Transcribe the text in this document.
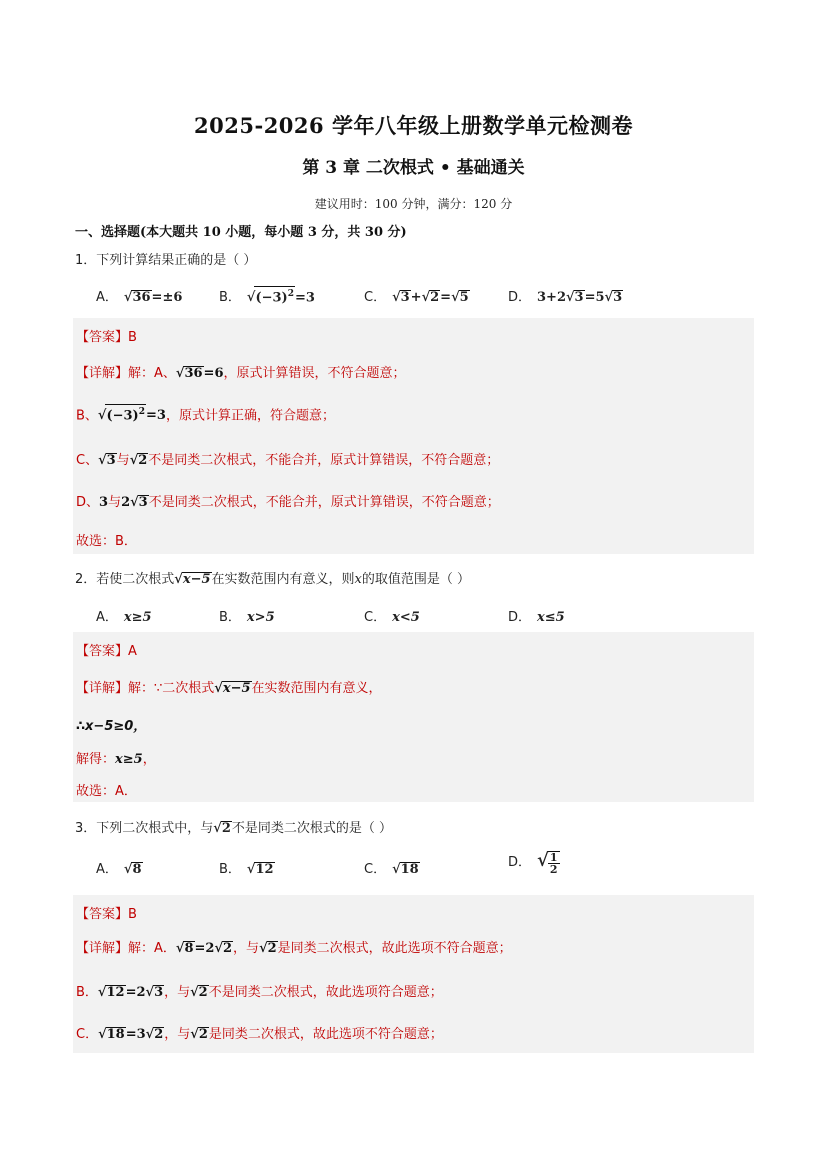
2025-2026 学年八年级上册数学单元检测卷
第 3 章 二次根式 • 基础通关
建议用时：100 分钟，满分：120 分
一、选择题(本大题共 10 小题，每小题 3 分，共 30 分)
1．下列计算结果正确的是（ ）
A． √36=±6	B． $√(-3)^2=3$	C． √3+√2=√5	D． 3+2√3=5√3
【答案】B
【详解】解：A、√36=6，原式计算错误，不符合题意；
B、$√(-3)^2=3$，原式计算正确，符合题意；
C、√3与√2不是同类二次根式，不能合并，原式计算错误，不符合题意；
D、3与2√3不是同类二次根式，不能合并，原式计算错误，不符合题意；
故选：B．
2．若使二次根式√x−5在实数范围内有意义，则x的取值范围是（ ）
A． x≥5	B． x>5	C． x<5	D． x≤5
【答案】A
【详解】解：∵二次根式√x−5在实数范围内有意义，
∴x−5≥0，
解得：x≥5，
故选：A．
3．下列二次根式中，与√2不是同类二次根式的是（ ）
A． √8	B． √12	C． √18	D． √ $\frac{1}{2}$
【答案】B
【详解】解：A．√8=2√2，与√2是同类二次根式，故此选项不符合题意；
B．√12=2√3，与√2不是同类二次根式，故此选项符合题意；
C．√18=3√2，与√2是同类二次根式，故此选项不符合题意；
